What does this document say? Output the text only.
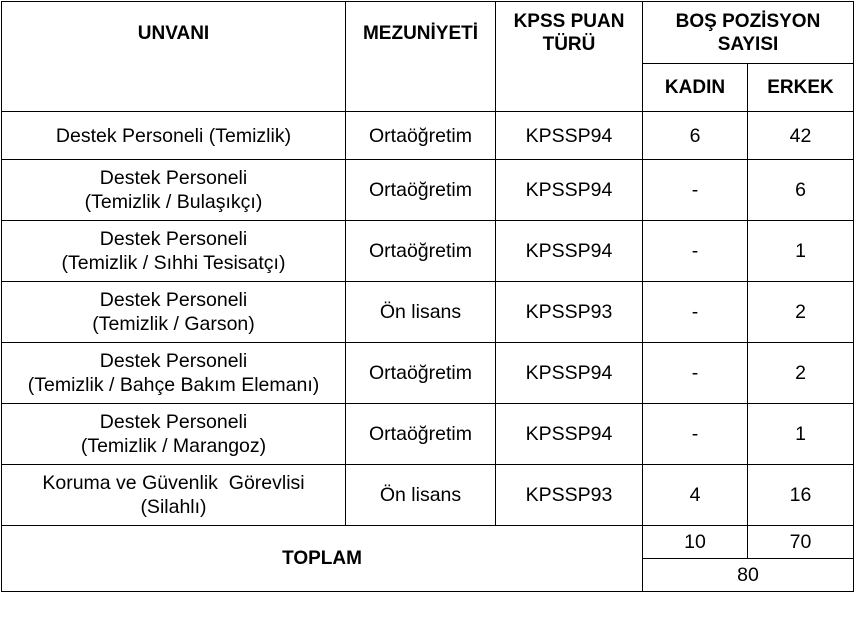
UNVANI	MEZUNİYETİ	KPSS PUAN TÜRÜ	BOŞ POZİSYON SAYISI	
			KADIN	ERKEK
Destek Personeli (Temizlik)	Ortaöğretim	KPSSP94	6	42

Destek Personeli
(Temizlik / Bulaşıkçı)	Ortaöğretim	KPSSP94	-	6

Destek Personeli
(Temizlik / Sıhhi Tesisatçı)	Ortaöğretim	KPSSP94	-	1

Destek Personeli
(Temizlik / Garson)	Ön lisans	KPSSP93	-	2

Destek Personeli
(Temizlik / Bahçe Bakım Elemanı)	Ortaöğretim	KPSSP94	-	2

Destek Personeli
(Temizlik / Marangoz)	Ortaöğretim	KPSSP94	-	1

Koruma ve Güvenlik  Görevlisi
(Silahlı)	Ön lisans	KPSSP93	4	16
TOPLAM			10	70
			80	
